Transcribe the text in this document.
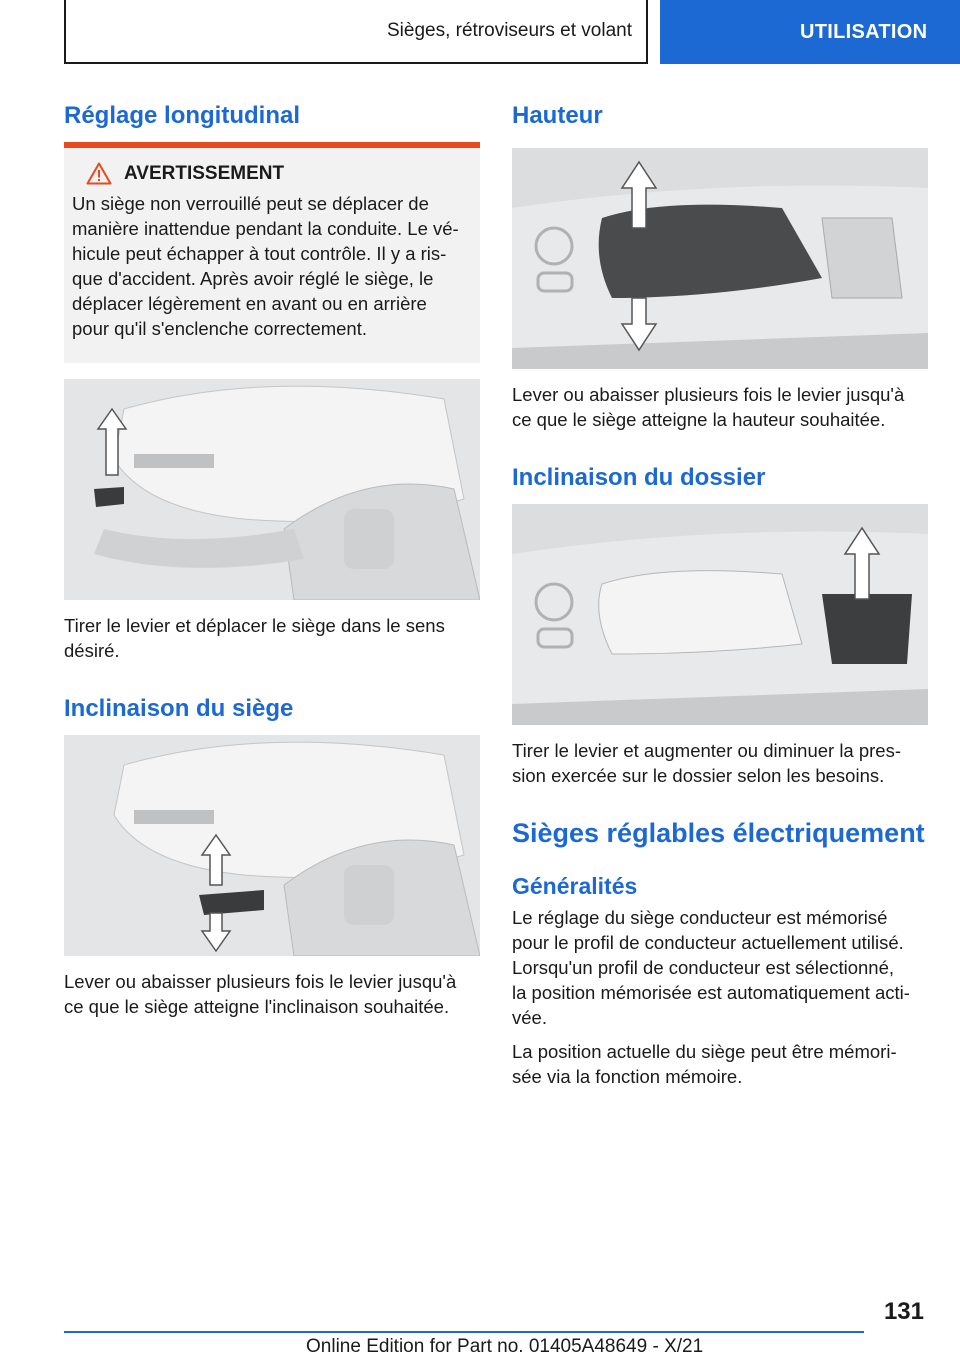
Sièges, rétroviseurs et volant	UTILISATION
Réglage longitudinal
AVERTISSEMENT

Un siège non verrouillé peut se déplacer de
manière inattendue pendant la conduite. Le vé-
hicule peut échapper à tout contrôle. Il y a ris-
que d'accident. Après avoir réglé le siège, le
déplacer légèrement en avant ou en arrière
pour qu'il s'enclenche correctement.

Tirer le levier et déplacer le siège dans le sens
désiré.

Inclinaison du siège

Lever ou abaisser plusieurs fois le levier jusqu'à
ce que le siège atteigne l'inclinaison souhaitée.

Hauteur

Lever ou abaisser plusieurs fois le levier jusqu'à
ce que le siège atteigne la hauteur souhaitée.

Inclinaison du dossier

Tirer le levier et augmenter ou diminuer la pres-
sion exercée sur le dossier selon les besoins.

Sièges réglables électriquement
Généralités

Le réglage du siège conducteur est mémorisé
pour le profil de conducteur actuellement utilisé.
Lorsqu'un profil de conducteur est sélectionné,
la position mémorisée est automatiquement acti-
vée.

La position actuelle du siège peut être mémori-
sée via la fonction mémoire.

131
Online Edition for Part no. 01405A48649 - X/21
